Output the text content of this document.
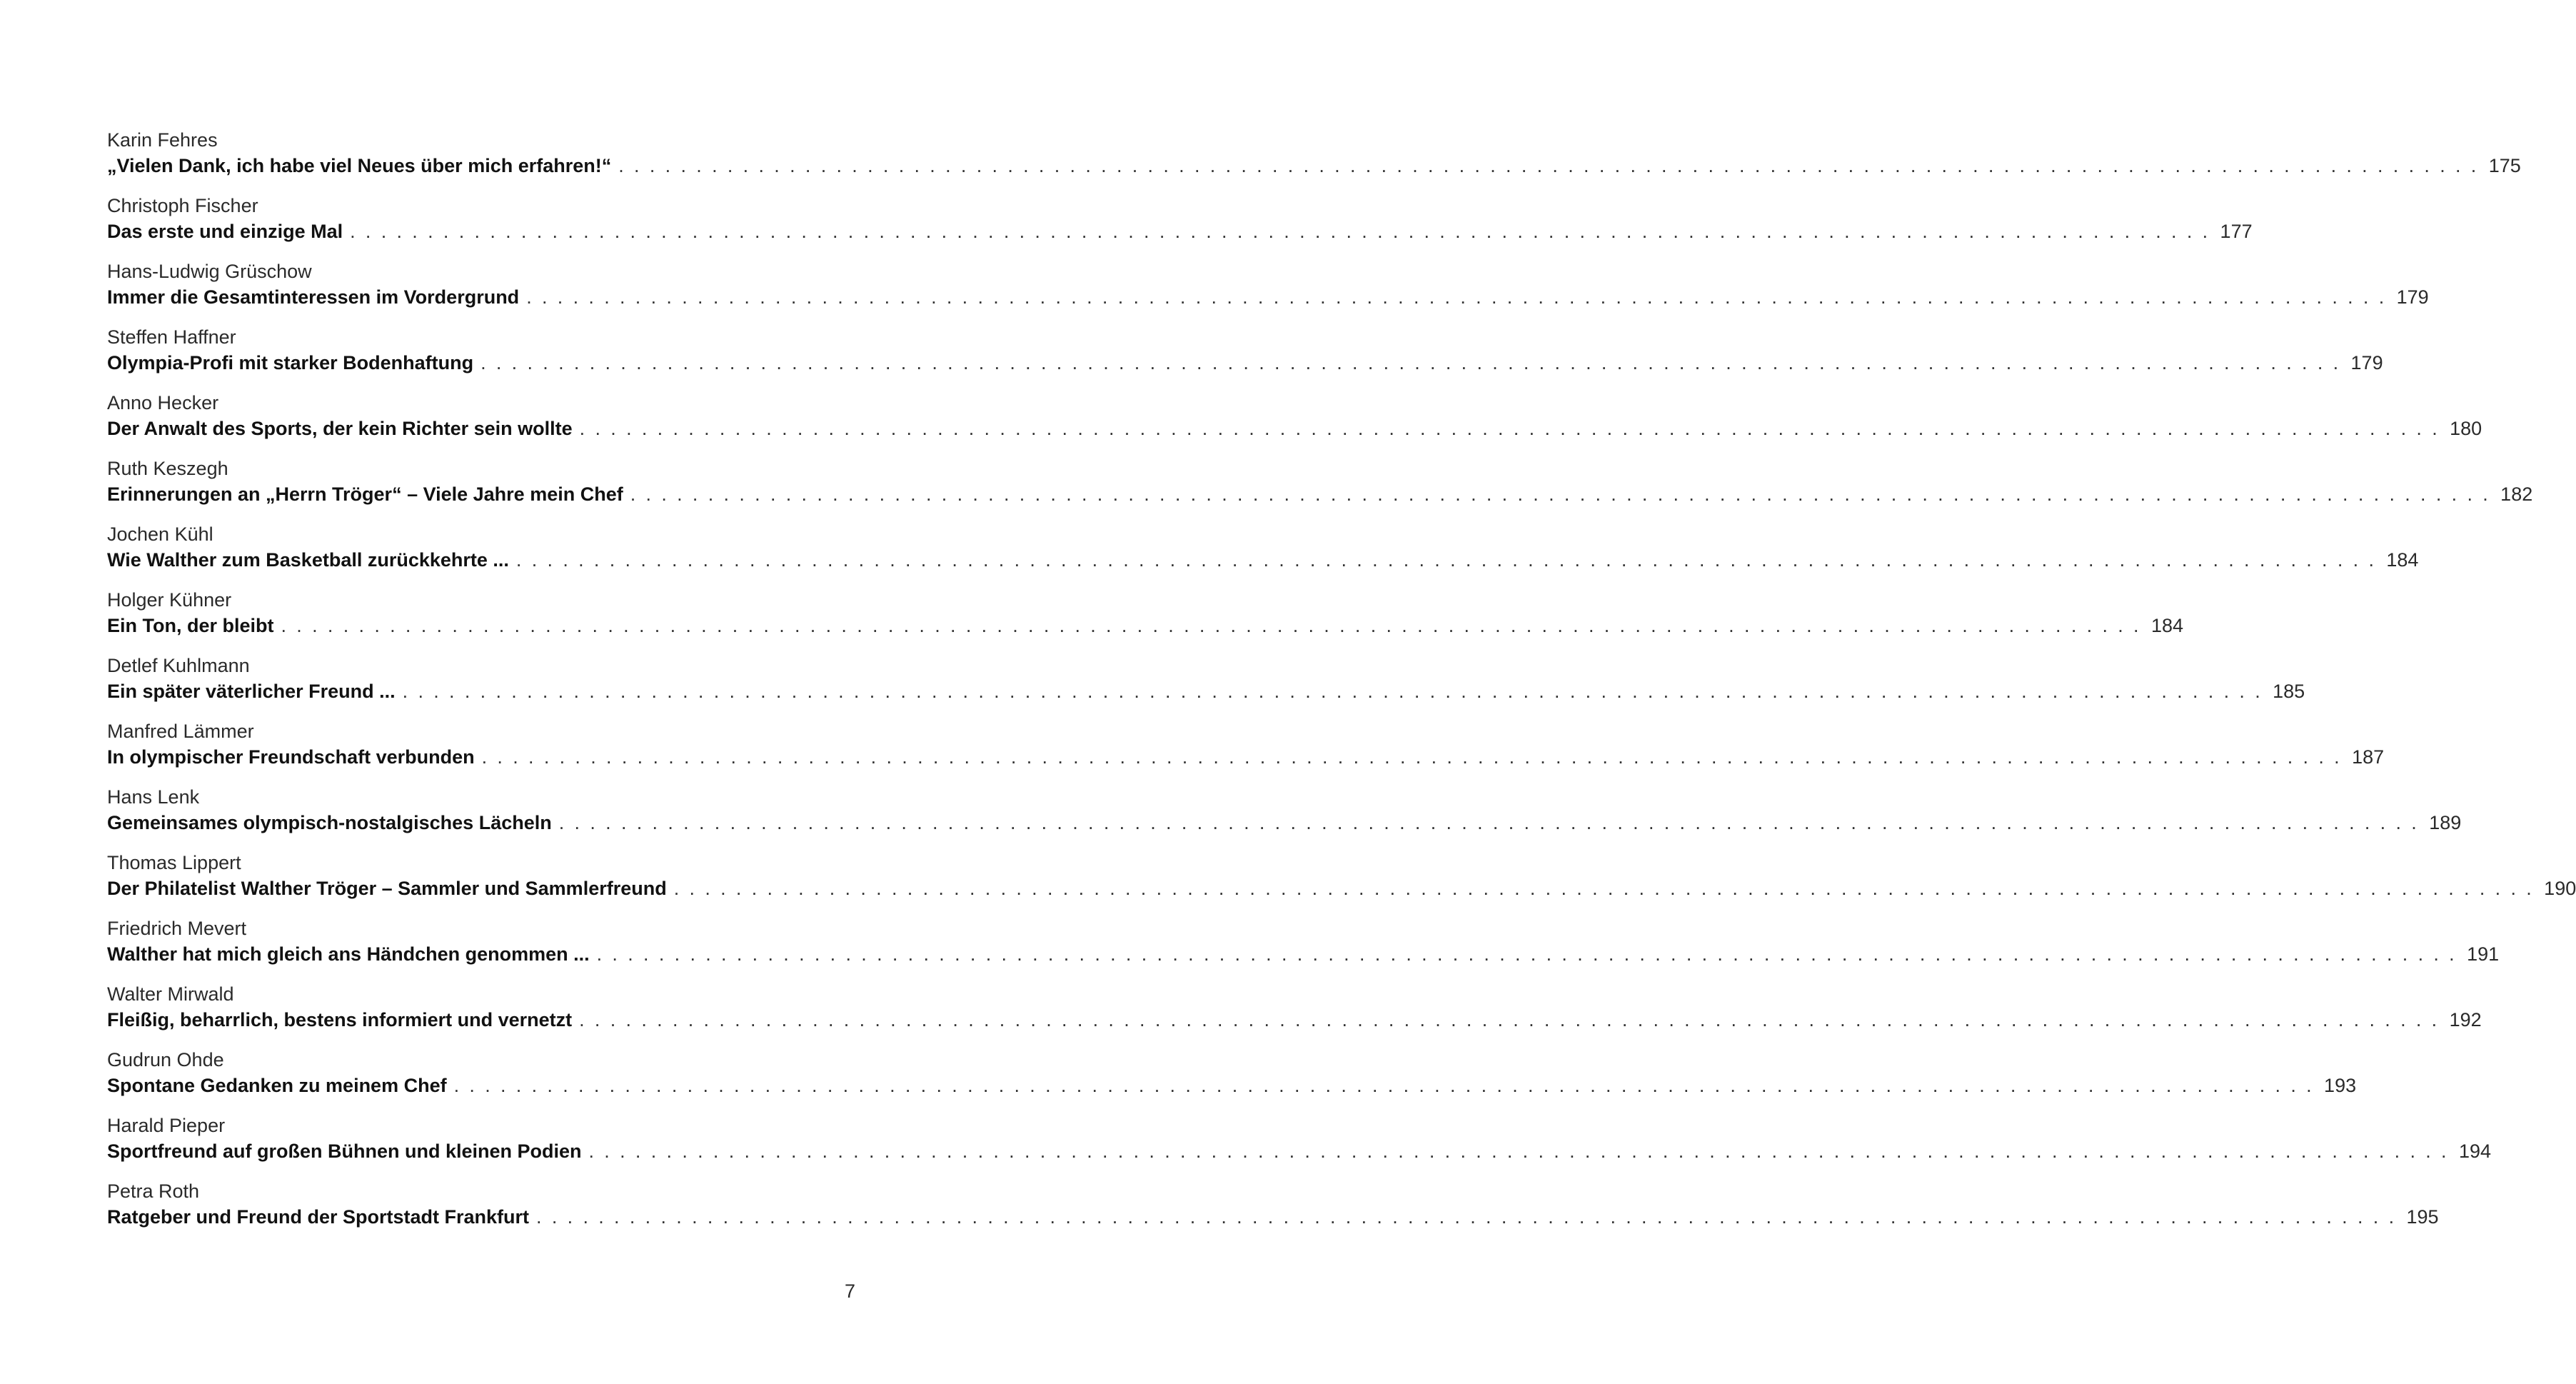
Karin Fehres
„Vielen Dank, ich habe viel Neues über mich erfahren!“ . . . . . . . . . . . . . . . . . . . . . . . . . . . . . . . . . . . . . . . . . . . . . . . . . . . . . . . . . . . . . . . . . . . . . . . . . . . . . . . . . . . . . . . . . . . . . . . . . . . . . . . . . . . . . . . . . . . . . . . . 175
Christoph Fischer
Das erste und einzige Mal . . . . . . . . . . . . . . . . . . . . . . . . . . . . . . . . . . . . . . . . . . . . . . . . . . . . . . . . . . . . . . . . . . . . . . . . . . . . . . . . . . . . . . . . . . . . . . . . . . . . . . . . . . . . . . . . . . . . . . . . 177
Hans-Ludwig Grüschow
Immer die Gesamtinteressen im Vordergrund . . . . . . . . . . . . . . . . . . . . . . . . . . . . . . . . . . . . . . . . . . . . . . . . . . . . . . . . . . . . . . . . . . . . . . . . . . . . . . . . . . . . . . . . . . . . . . . . . . . . . . . . . . . . . . . . . . . . . . . . 179
Steffen Haffner
Olympia-Profi mit starker Bodenhaftung . . . . . . . . . . . . . . . . . . . . . . . . . . . . . . . . . . . . . . . . . . . . . . . . . . . . . . . . . . . . . . . . . . . . . . . . . . . . . . . . . . . . . . . . . . . . . . . . . . . . . . . . . . . . . . . . . . . . . . . . 179
Anno Hecker
Der Anwalt des Sports, der kein Richter sein wollte . . . . . . . . . . . . . . . . . . . . . . . . . . . . . . . . . . . . . . . . . . . . . . . . . . . . . . . . . . . . . . . . . . . . . . . . . . . . . . . . . . . . . . . . . . . . . . . . . . . . . . . . . . . . . . . . . . . . . . . . 180
Ruth Keszegh
Erinnerungen an „Herrn Tröger“ – Viele Jahre mein Chef . . . . . . . . . . . . . . . . . . . . . . . . . . . . . . . . . . . . . . . . . . . . . . . . . . . . . . . . . . . . . . . . . . . . . . . . . . . . . . . . . . . . . . . . . . . . . . . . . . . . . . . . . . . . . . . . . . . . . . . . 182
Jochen Kühl
Wie Walther zum Basketball zurückkehrte ... . . . . . . . . . . . . . . . . . . . . . . . . . . . . . . . . . . . . . . . . . . . . . . . . . . . . . . . . . . . . . . . . . . . . . . . . . . . . . . . . . . . . . . . . . . . . . . . . . . . . . . . . . . . . . . . . . . . . . . . . 184
Holger Kühner
Ein Ton, der bleibt . . . . . . . . . . . . . . . . . . . . . . . . . . . . . . . . . . . . . . . . . . . . . . . . . . . . . . . . . . . . . . . . . . . . . . . . . . . . . . . . . . . . . . . . . . . . . . . . . . . . . . . . . . . . . . . . . . . . . . . . 184
Detlef Kuhlmann
Ein später väterlicher Freund ... . . . . . . . . . . . . . . . . . . . . . . . . . . . . . . . . . . . . . . . . . . . . . . . . . . . . . . . . . . . . . . . . . . . . . . . . . . . . . . . . . . . . . . . . . . . . . . . . . . . . . . . . . . . . . . . . . . . . . . . . 185
Manfred Lämmer
In olympischer Freundschaft verbunden . . . . . . . . . . . . . . . . . . . . . . . . . . . . . . . . . . . . . . . . . . . . . . . . . . . . . . . . . . . . . . . . . . . . . . . . . . . . . . . . . . . . . . . . . . . . . . . . . . . . . . . . . . . . . . . . . . . . . . . . 187
Hans Lenk
Gemeinsames olympisch-nostalgisches Lächeln . . . . . . . . . . . . . . . . . . . . . . . . . . . . . . . . . . . . . . . . . . . . . . . . . . . . . . . . . . . . . . . . . . . . . . . . . . . . . . . . . . . . . . . . . . . . . . . . . . . . . . . . . . . . . . . . . . . . . . . . 189
Thomas Lippert
Der Philatelist Walther Tröger – Sammler und Sammlerfreund . . . . . . . . . . . . . . . . . . . . . . . . . . . . . . . . . . . . . . . . . . . . . . . . . . . . . . . . . . . . . . . . . . . . . . . . . . . . . . . . . . . . . . . . . . . . . . . . . . . . . . . . . . . . . . . . . . . . . . . . 190
Friedrich Mevert
Walther hat mich gleich ans Händchen genommen ... . . . . . . . . . . . . . . . . . . . . . . . . . . . . . . . . . . . . . . . . . . . . . . . . . . . . . . . . . . . . . . . . . . . . . . . . . . . . . . . . . . . . . . . . . . . . . . . . . . . . . . . . . . . . . . . . . . . . . . . . 191
Walter Mirwald
Fleißig, beharrlich, bestens informiert und vernetzt . . . . . . . . . . . . . . . . . . . . . . . . . . . . . . . . . . . . . . . . . . . . . . . . . . . . . . . . . . . . . . . . . . . . . . . . . . . . . . . . . . . . . . . . . . . . . . . . . . . . . . . . . . . . . . . . . . . . . . . . 192
Gudrun Ohde
Spontane Gedanken zu meinem Chef . . . . . . . . . . . . . . . . . . . . . . . . . . . . . . . . . . . . . . . . . . . . . . . . . . . . . . . . . . . . . . . . . . . . . . . . . . . . . . . . . . . . . . . . . . . . . . . . . . . . . . . . . . . . . . . . . . . . . . . . 193
Harald Pieper
Sportfreund auf großen Bühnen und kleinen Podien . . . . . . . . . . . . . . . . . . . . . . . . . . . . . . . . . . . . . . . . . . . . . . . . . . . . . . . . . . . . . . . . . . . . . . . . . . . . . . . . . . . . . . . . . . . . . . . . . . . . . . . . . . . . . . . . . . . . . . . . 194
Petra Roth
Ratgeber und Freund der Sportstadt Frankfurt . . . . . . . . . . . . . . . . . . . . . . . . . . . . . . . . . . . . . . . . . . . . . . . . . . . . . . . . . . . . . . . . . . . . . . . . . . . . . . . . . . . . . . . . . . . . . . . . . . . . . . . . . . . . . . . . . . . . . . . . 195
7
